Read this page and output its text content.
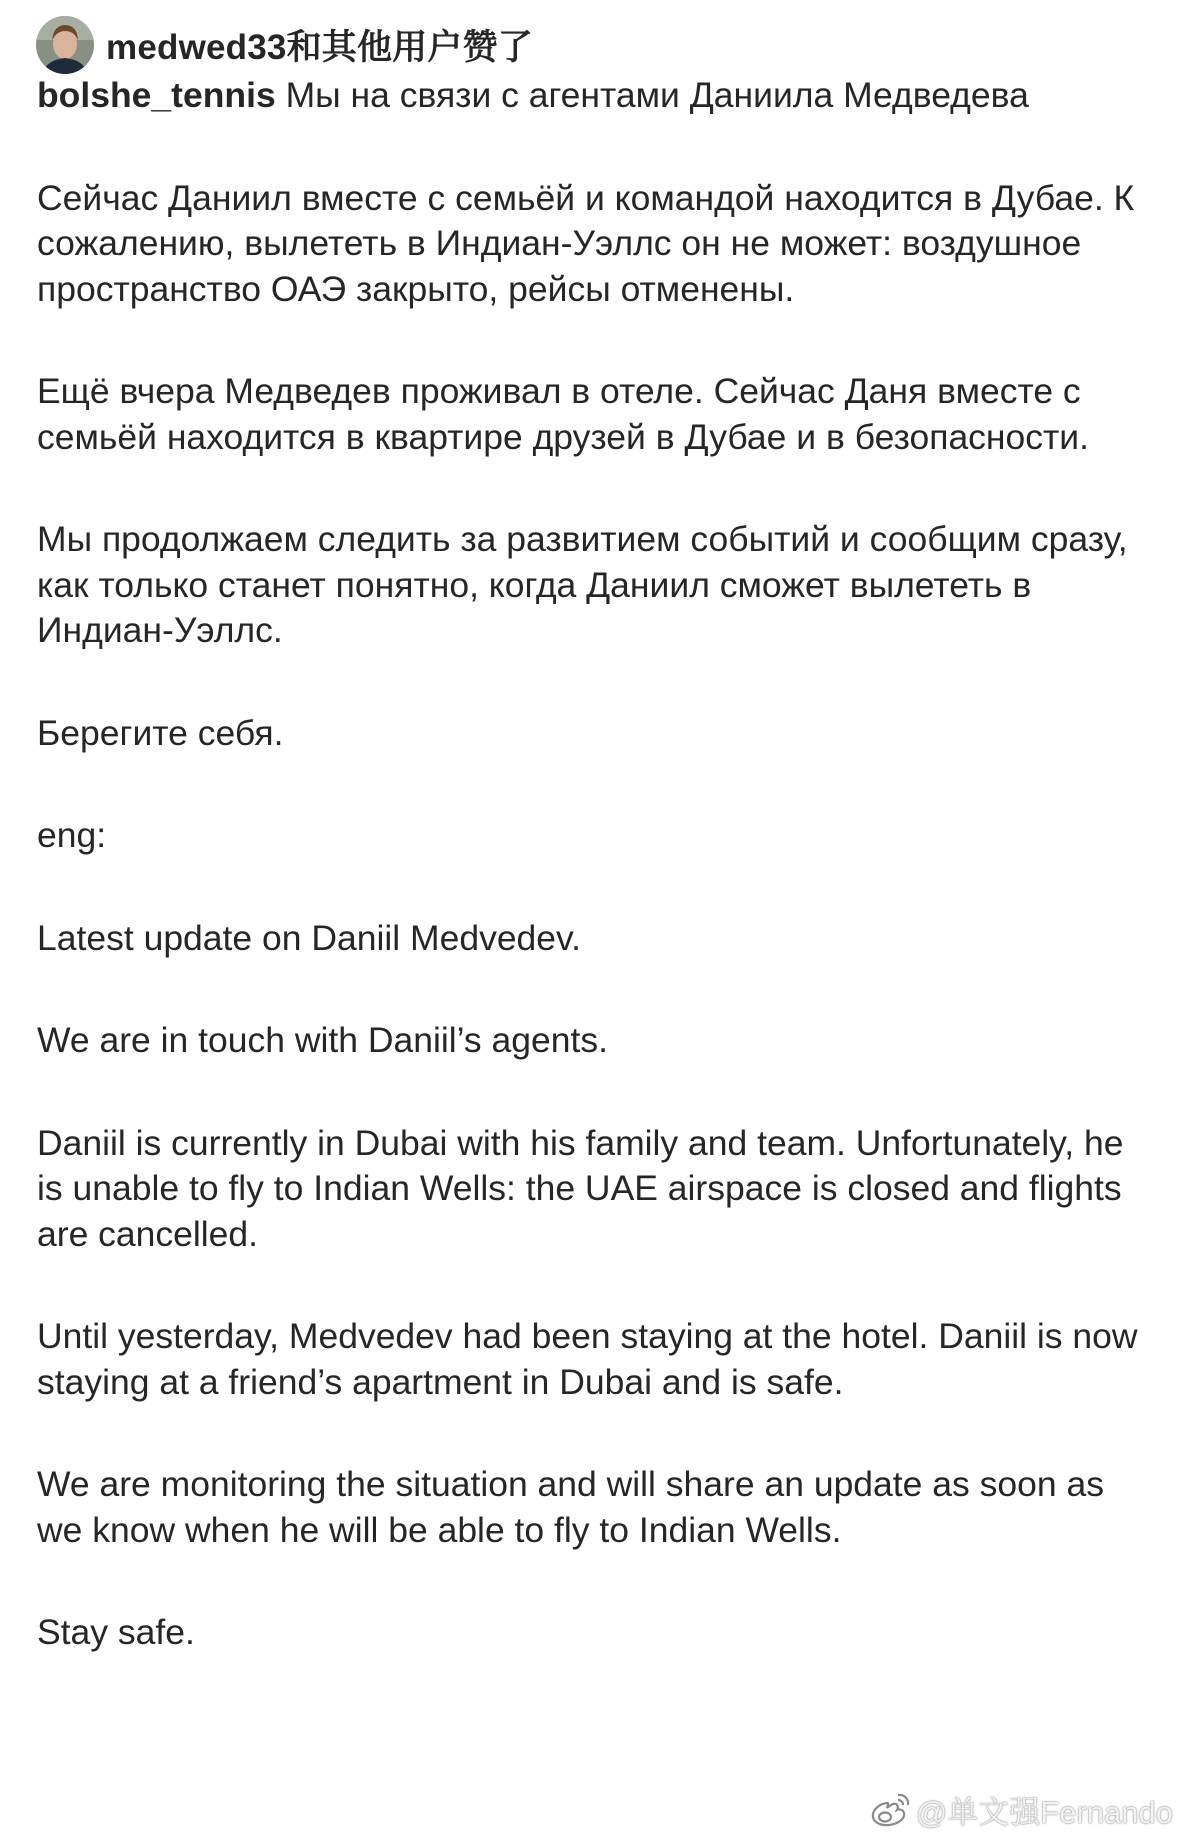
medwed33和其他用户赞了

bolshe_tennis Мы на связи с агентами Даниила Медведева

Сейчас Даниил вместе с семьёй и командой находится в Дубае. К сожалению, вылететь в Индиан-Уэллс он не может: воздушное пространство ОАЭ закрыто, рейсы отменены.

Ещё вчера Медведев проживал в отеле. Сейчас Даня вместе с семьёй находится в квартире друзей в Дубае и в безопасности.

Мы продолжаем следить за развитием событий и сообщим сразу, как только станет понятно, когда Даниил сможет вылететь в Индиан-Уэллс.

Берегите себя.

eng:

Latest update on Daniil Medvedev.

We are in touch with Daniil’s agents.

Daniil is currently in Dubai with his family and team. Unfortunately, he is unable to fly to Indian Wells: the UAE airspace is closed and flights are cancelled.

Until yesterday, Medvedev had been staying at the hotel. Daniil is now staying at a friend’s apartment in Dubai and is safe.

We are monitoring the situation and will share an update as soon as we know when he will be able to fly to Indian Wells.

Stay safe.

@单文强Fernando
